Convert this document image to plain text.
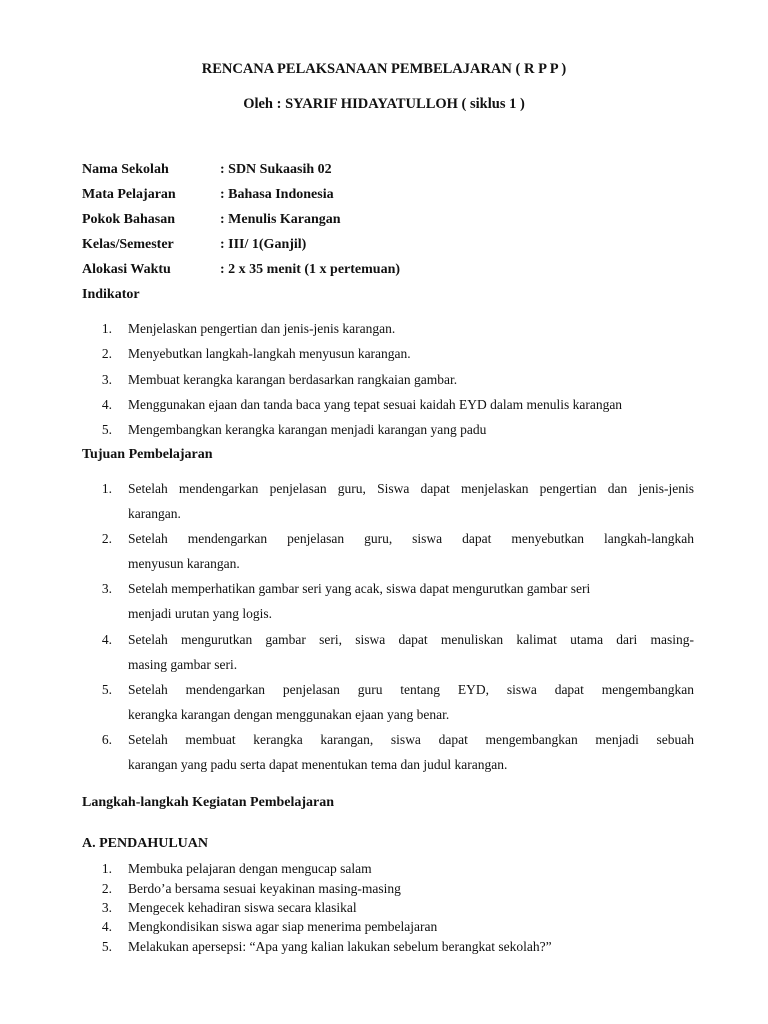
RENCANA PELAKSANAAN PEMBELAJARAN ( R P P )
Oleh : SYARIF HIDAYATULLOH ( siklus 1 )
Nama Sekolah	: SDN Sukaasih 02
Mata Pelajaran	: Bahasa Indonesia
Pokok Bahasan	: Menulis Karangan
Kelas/Semester	: III/ 1(Ganjil)
Alokasi Waktu	: 2 x 35 menit (1 x pertemuan)
Indikator
1. Menjelaskan pengertian dan jenis-jenis karangan.
2. Menyebutkan langkah-langkah menyusun karangan.
3. Membuat kerangka karangan berdasarkan rangkaian gambar.
4. Menggunakan ejaan dan tanda baca yang tepat sesuai kaidah EYD dalam menulis karangan
5. Mengembangkan kerangka karangan menjadi karangan yang padu
Tujuan Pembelajaran
1. Setelah mendengarkan penjelasan guru, Siswa dapat menjelaskan pengertian dan jenis-jenis
karangan.
2. Setelah mendengarkan penjelasan guru, siswa dapat menyebutkan langkah-langkah
menyusun karangan.
3. Setelah memperhatikan gambar seri yang acak, siswa dapat mengurutkan gambar seri
menjadi urutan yang logis.
4. Setelah mengurutkan gambar seri, siswa dapat menuliskan kalimat utama dari masing-
masing gambar seri.
5. Setelah mendengarkan penjelasan guru tentang EYD, siswa dapat mengembangkan
kerangka karangan dengan menggunakan ejaan yang benar.
6. Setelah membuat kerangka karangan, siswa dapat mengembangkan menjadi sebuah
karangan yang padu serta dapat menentukan tema dan judul karangan.
Langkah-langkah Kegiatan Pembelajaran
A. PENDAHULUAN
1. Membuka pelajaran dengan mengucap salam
2. Berdo’a bersama sesuai keyakinan masing-masing
3. Mengecek kehadiran siswa secara klasikal
4. Mengkondisikan siswa agar siap menerima pembelajaran
5. Melakukan apersepsi: “Apa yang kalian lakukan sebelum berangkat sekolah?”
